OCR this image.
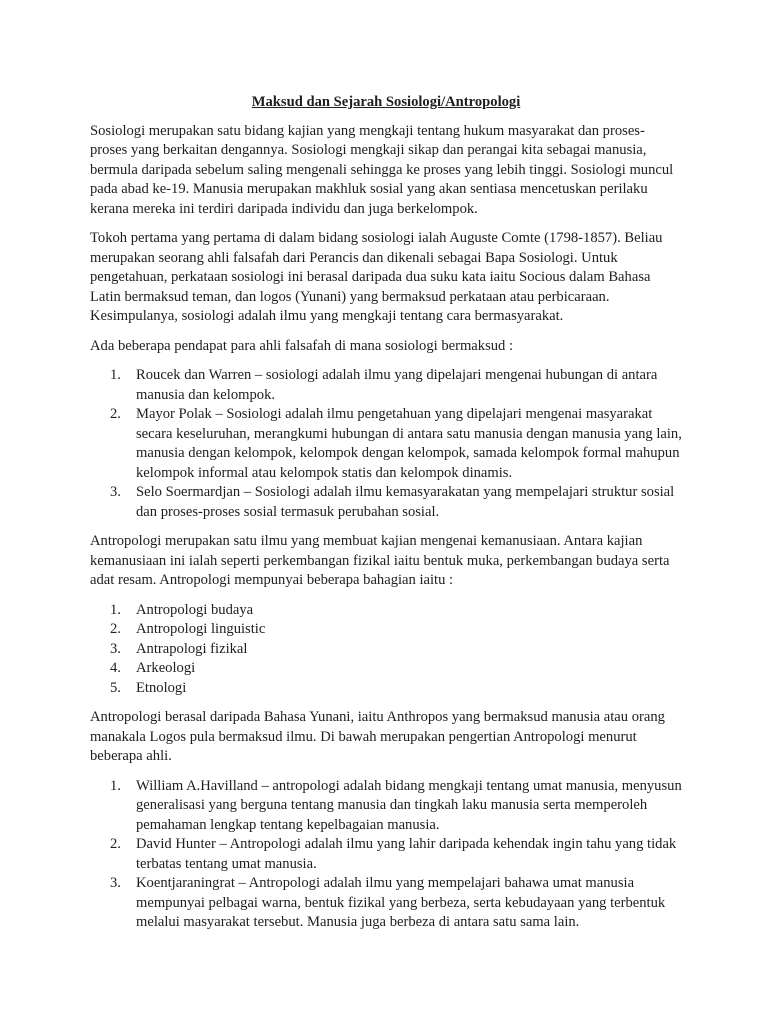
Maksud dan Sejarah Sosiologi/Antropologi

Sosiologi merupakan satu bidang kajian yang mengkaji tentang hukum masyarakat dan proses-proses yang berkaitan dengannya. Sosiologi mengkaji sikap dan perangai kita sebagai manusia, bermula daripada sebelum saling mengenali sehingga ke proses yang lebih tinggi. Sosiologi muncul pada abad ke-19. Manusia merupakan makhluk sosial yang akan sentiasa mencetuskan perilaku kerana mereka ini terdiri daripada individu dan juga berkelompok.

Tokoh pertama yang pertama di dalam bidang sosiologi ialah Auguste Comte (1798-1857). Beliau merupakan seorang ahli falsafah dari Perancis dan dikenali sebagai Bapa Sosiologi. Untuk pengetahuan, perkataan sosiologi ini berasal daripada dua suku kata iaitu Socious dalam Bahasa Latin bermaksud teman, dan logos (Yunani) yang bermaksud perkataan atau perbicaraan. Kesimpulanya, sosiologi adalah ilmu yang mengkaji tentang cara bermasyarakat.

Ada beberapa pendapat para ahli falsafah di mana sosiologi bermaksud :

1. Roucek dan Warren – sosiologi adalah ilmu yang dipelajari mengenai hubungan di antara manusia dan kelompok.
2. Mayor Polak – Sosiologi adalah ilmu pengetahuan yang dipelajari mengenai masyarakat secara keseluruhan, merangkumi hubungan di antara satu manusia dengan manusia yang lain, manusia dengan kelompok, kelompok dengan kelompok, samada kelompok formal mahupun kelompok informal atau kelompok statis dan kelompok dinamis.
3. Selo Soermardjan – Sosiologi adalah ilmu kemasyarakatan yang mempelajari struktur sosial dan proses-proses sosial termasuk perubahan sosial.

Antropologi merupakan satu ilmu yang membuat kajian mengenai kemanusiaan. Antara kajian kemanusiaan ini ialah seperti perkembangan fizikal iaitu bentuk muka, perkembangan budaya serta adat resam. Antropologi mempunyai beberapa bahagian iaitu :

1. Antropologi budaya
2. Antropologi linguistic
3. Antrapologi fizikal
4. Arkeologi
5. Etnologi

Antropologi berasal daripada Bahasa Yunani, iaitu Anthropos yang bermaksud manusia atau orang manakala Logos pula bermaksud ilmu. Di bawah merupakan pengertian Antropologi menurut beberapa ahli.

1. William A.Havilland – antropologi adalah bidang mengkaji tentang umat manusia, menyusun generalisasi yang berguna tentang manusia dan tingkah laku manusia serta memperoleh pemahaman lengkap tentang kepelbagaian manusia.
2. David Hunter – Antropologi adalah ilmu yang lahir daripada kehendak ingin tahu yang tidak terbatas tentang umat manusia.
3. Koentjaraningrat – Antropologi adalah ilmu yang mempelajari bahawa umat manusia mempunyai pelbagai warna, bentuk fizikal yang berbeza, serta kebudayaan yang terbentuk melalui masyarakat tersebut. Manusia juga berbeza di antara satu sama lain.
